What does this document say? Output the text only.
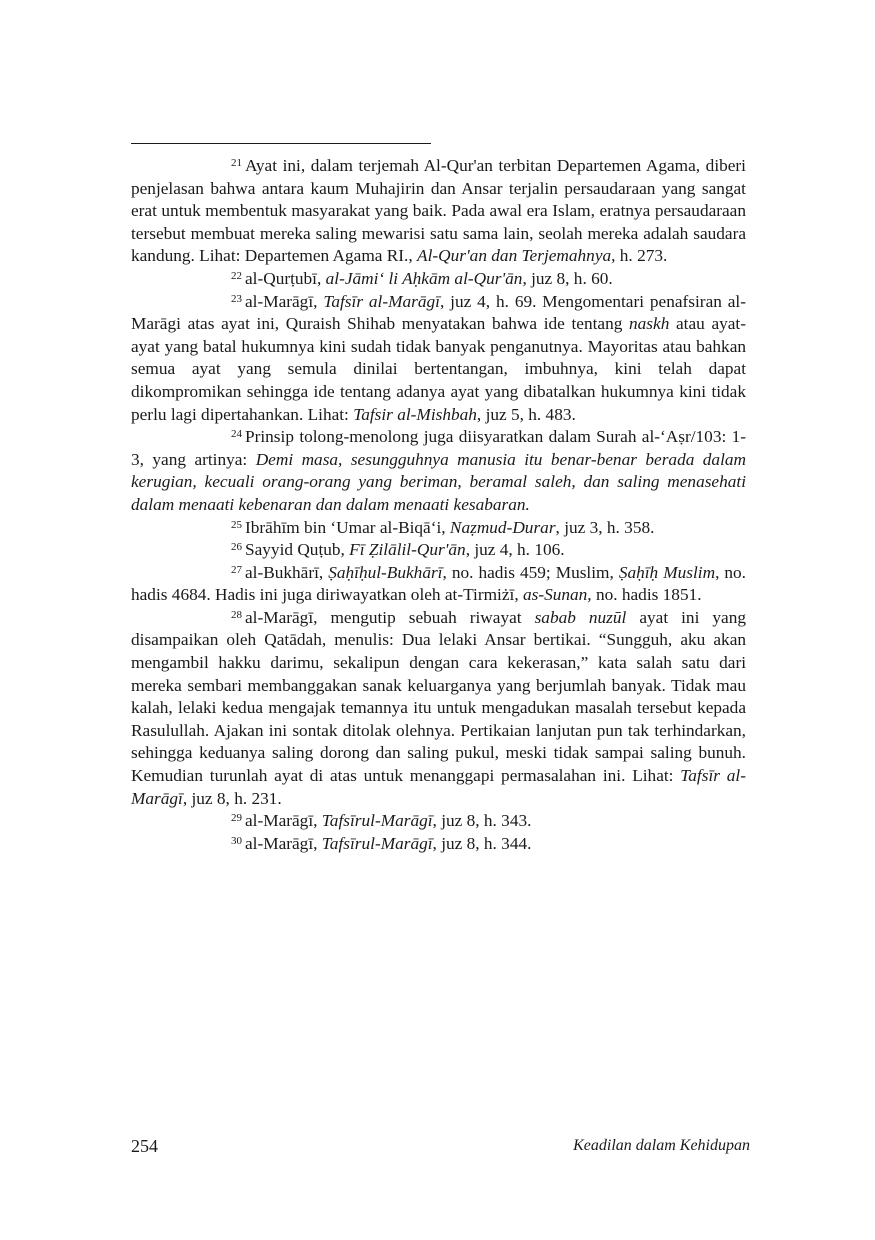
$^{21}$ Ayat ini, dalam terjemah Al-Qur'an terbitan Departemen Agama, diberi penjelasan bahwa antara kaum Muhajirin dan Ansar terjalin persaudaraan yang sangat erat untuk membentuk masyarakat yang baik. Pada awal era Islam, eratnya persaudaraan tersebut membuat mereka saling mewarisi satu sama lain, seolah mereka adalah saudara kandung. Lihat: Departemen Agama RI., Al-Qur'an dan Terjemahnya, h. 273.

$^{22}$ al-Qurṭubī, al-Jāmi‘ li Aḥkām al-Qur'ān, juz 8, h. 60.

$^{23}$ al-Marāgī, Tafsīr al-Marāgī, juz 4, h. 69. Mengomentari penafsiran al-Marāgi atas ayat ini, Quraish Shihab menyatakan bahwa ide tentang naskh atau ayat-ayat yang batal hukumnya kini sudah tidak banyak penganutnya. Mayoritas atau bahkan semua ayat yang semula dinilai bertentangan, imbuhnya, kini telah dapat dikompromikan sehingga ide tentang adanya ayat yang dibatalkan hukumnya kini tidak perlu lagi dipertahankan. Lihat: Tafsir al-Mishbah, juz 5, h. 483.

$^{24}$ Prinsip tolong-menolong juga diisyaratkan dalam Surah al-‘Aṣr/103: 1-3, yang artinya: Demi masa, sesungguhnya manusia itu benar-benar berada dalam kerugian, kecuali orang-orang yang beriman, beramal saleh, dan saling menasehati dalam menaati kebenaran dan dalam menaati kesabaran.

$^{25}$ Ibrāhīm bin ‘Umar al-Biqā‘i, Naẓmud-Durar, juz 3, h. 358.

$^{26}$ Sayyid Quṭub, Fī Ẓilālil-Qur'ān, juz 4, h. 106.

$^{27}$ al-Bukhārī, Ṣaḥīḥul-Bukhārī, no. hadis 459; Muslim, Ṣaḥīḥ Muslim, no. hadis 4684. Hadis ini juga diriwayatkan oleh at-Tirmiżī, as-Sunan, no. hadis 1851.

$^{28}$ al-Marāgī, mengutip sebuah riwayat sabab nuzūl ayat ini yang disampaikan oleh Qatādah, menulis: Dua lelaki Ansar bertikai. “Sungguh, aku akan mengambil hakku darimu, sekalipun dengan cara kekerasan,” kata salah satu dari mereka sembari membanggakan sanak keluarganya yang berjumlah banyak. Tidak mau kalah, lelaki kedua mengajak temannya itu untuk mengadukan masalah tersebut kepada Rasulullah. Ajakan ini sontak ditolak olehnya. Pertikaian lanjutan pun tak terhindarkan, sehingga keduanya saling dorong dan saling pukul, meski tidak sampai saling bunuh. Kemudian turunlah ayat di atas untuk menanggapi permasalahan ini. Lihat: Tafsīr al-Marāgī, juz 8, h. 231.

$^{29}$ al-Marāgī, Tafsīrul-Marāgī, juz 8, h. 343.

$^{30}$ al-Marāgī, Tafsīrul-Marāgī, juz 8, h. 344.

254	Keadilan dalam Kehidupan
